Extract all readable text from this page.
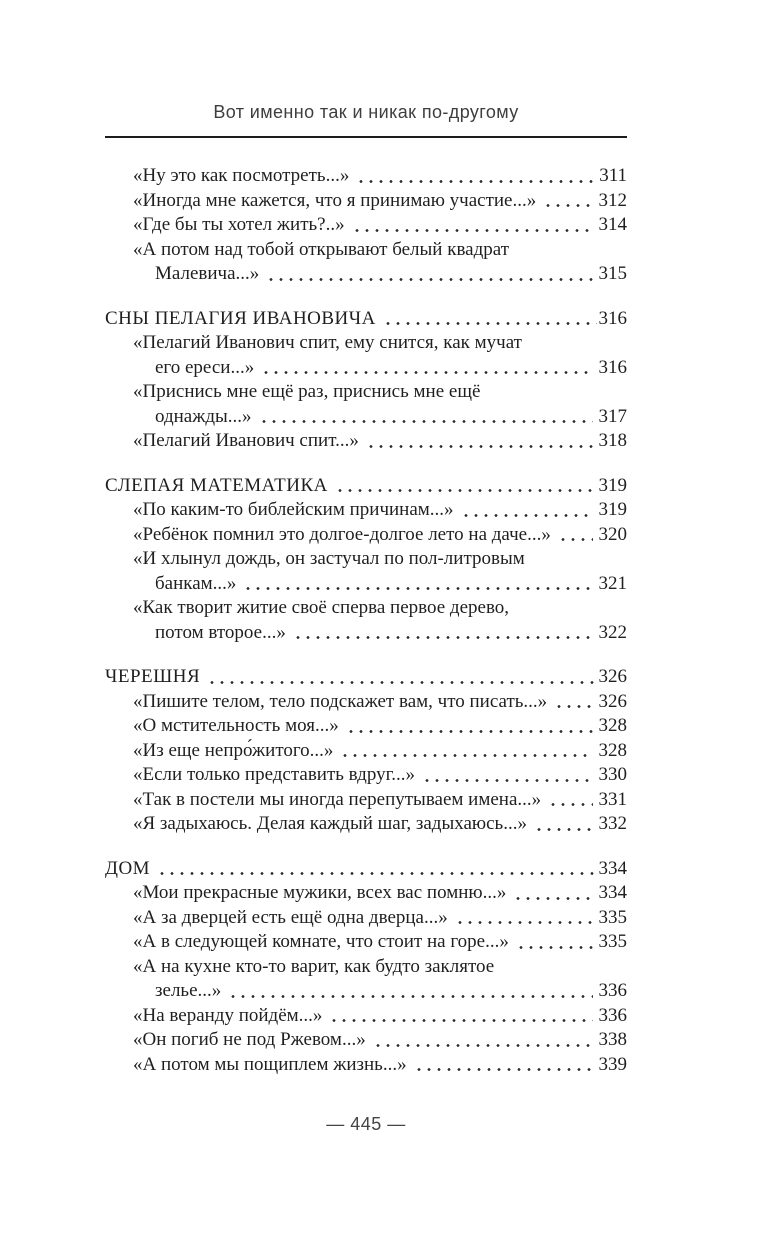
Вот именно так и никак по-другому
«Ну это как посмотреть...»	311
«Иногда мне кажется, что я принимаю участие...»	312
«Где бы ты хотел жить?..»	314
«А потом над тобой открывают белый квадрат
Малевича...»	315
СНЫ ПЕЛАГИЯ ИВАНОВИЧА	316
«Пелагий Иванович спит, ему снится, как мучат
его ереси...»	316
«Приснись мне ещё раз, приснись мне ещё
однажды...»	317
«Пелагий Иванович спит...»	318
СЛЕПАЯ МАТЕМАТИКА	319
«По каким-то библейским причинам...»	319
«Ребёнок помнил это долгое-долгое лето на даче...»	320
«И хлынул дождь, он застучал по пол-литровым
банкам...»	321
«Как творит житие своё сперва первое дерево,
потом второе...»	322
ЧЕРЕШНЯ	326
«Пишите телом, тело подскажет вам, что писать...»	326
«О мстительность моя...»	328
«Из еще непро́житого...»	328
«Если только представить вдруг...»	330
«Так в постели мы иногда перепутываем имена...»	331
«Я задыхаюсь. Делая каждый шаг, задыхаюсь...»	332
ДОМ	334
«Мои прекрасные мужики, всех вас помню...»	334
«А за дверцей есть ещё одна дверца...»	335
«А в следующей комнате, что стоит на горе...»	335
«А на кухне кто-то варит, как будто заклятое
зелье...»	336
«На веранду пойдём...»	336
«Он погиб не под Ржевом...»	338
«А потом мы пощиплем жизнь...»	339
— 445 —
